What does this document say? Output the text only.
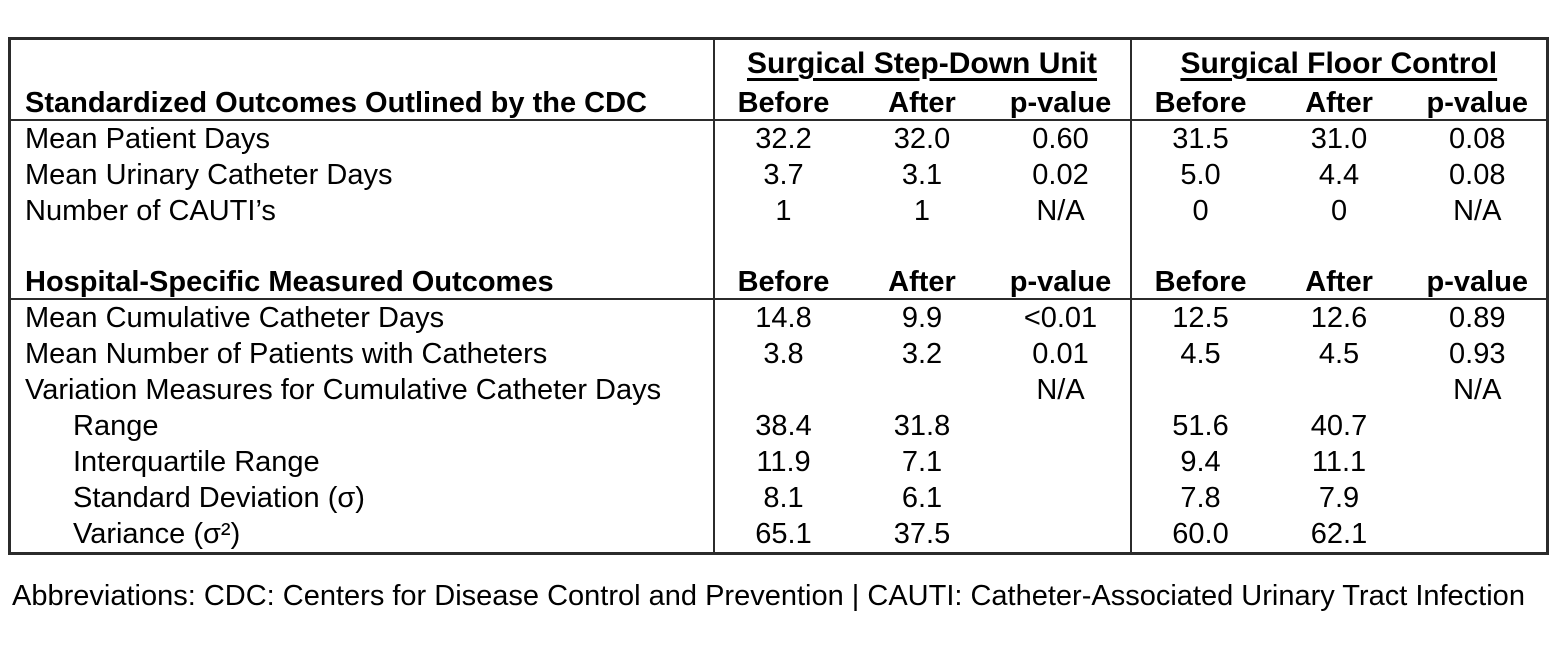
	Surgical Step-Down Unit			Surgical Floor Control		
Standardized Outcomes Outlined by the CDC	Before	After	p-value	Before	After	p-value
Mean Patient Days	32.2	32.0	0.60	31.5	31.0	0.08
Mean Urinary Catheter Days	3.7	3.1	0.02	5.0	4.4	0.08
Number of CAUTI’s	1	1	N/A	0	0	N/A

Hospital-Specific Measured Outcomes	Before	After	p-value	Before	After	p-value
Mean Cumulative Catheter Days	14.8	9.9	<0.01	12.5	12.6	0.89
Mean Number of Patients with Catheters	3.8	3.2	0.01	4.5	4.5	0.93
Variation Measures for Cumulative Catheter Days			N/A			N/A
Range	38.4	31.8		51.6	40.7	
Interquartile Range	11.9	7.1		9.4	11.1	
Standard Deviation (σ)	8.1	6.1		7.8	7.9	
Variance (σ²)	65.1	37.5		60.0	62.1	
Abbreviations: CDC: Centers for Disease Control and Prevention | CAUTI: Catheter-Associated Urinary Tract Infection
